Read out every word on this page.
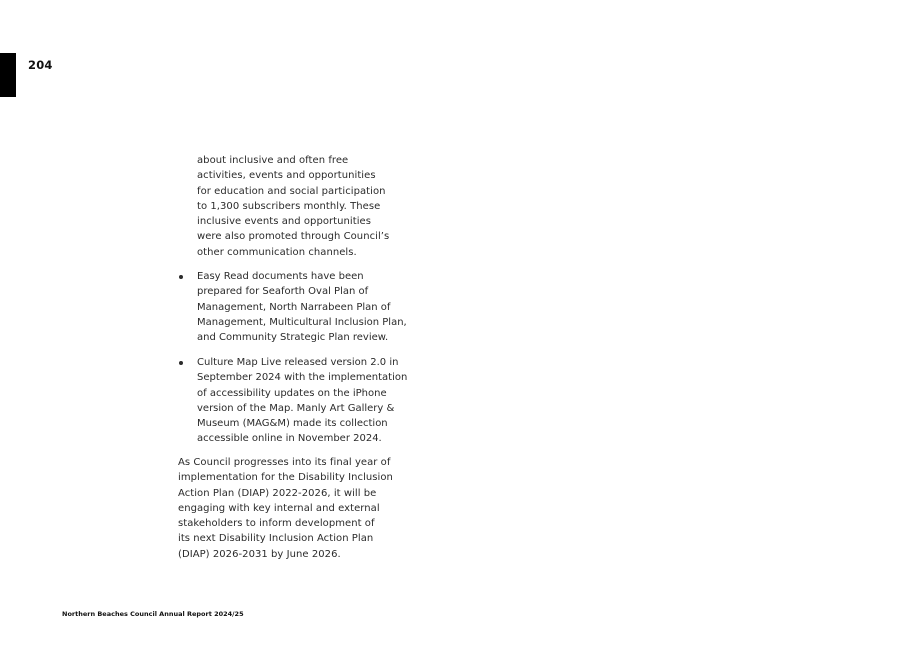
204
about inclusive and often free
activities, events and opportunities
for education and social participation
to 1,300 subscribers monthly. These
inclusive events and opportunities
were also promoted through Council’s
other communication channels.
Easy Read documents have been
prepared for Seaforth Oval Plan of
Management, North Narrabeen Plan of
Management, Multicultural Inclusion Plan,
and Community Strategic Plan review.
Culture Map Live released version 2.0 in
September 2024 with the implementation
of accessibility updates on the iPhone
version of the Map. Manly Art Gallery &
Museum (MAG&M) made its collection
accessible online in November 2024.
As Council progresses into its final year of
implementation for the Disability Inclusion
Action Plan (DIAP) 2022-2026, it will be
engaging with key internal and external
stakeholders to inform development of
its next Disability Inclusion Action Plan
(DIAP) 2026-2031 by June 2026.
Northern Beaches Council Annual Report 2024/25
